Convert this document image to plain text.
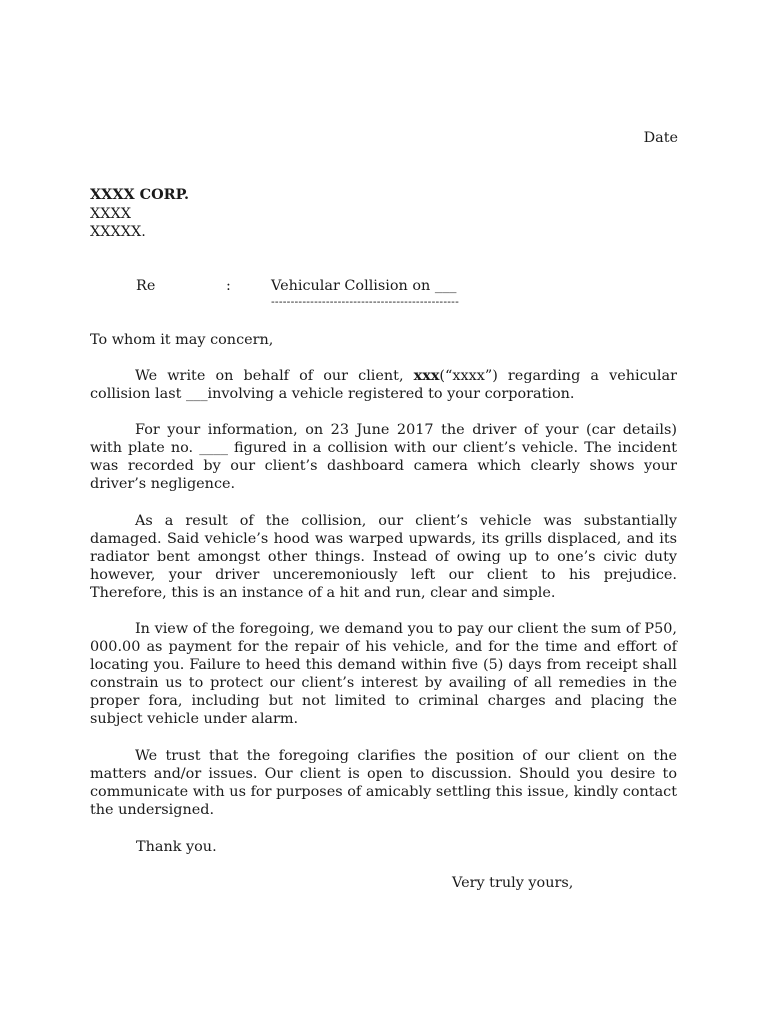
Date
XXXX CORP.
XXXX
XXXXX.
Re	:	Vehicular Collision on ___
------------------------------------------------
To whom it may concern,
We write on behalf of our client, xxx(“xxxx”) regarding a vehicular collision last ___involving a vehicle registered to your corporation.
For your information, on 23 June 2017 the driver of your (car details) with plate no. ____ figured in a collision with our client’s vehicle. The incident was recorded by our client’s dashboard camera which clearly shows your driver’s negligence.
As a result of the collision, our client’s vehicle was substantially damaged. Said vehicle’s hood was warped upwards, its grills displaced, and its radiator bent amongst other things. Instead of owing up to one’s civic duty however, your driver unceremoniously left our client to his prejudice. Therefore, this is an instance of a hit and run, clear and simple.
In view of the foregoing, we demand you to pay our client the sum of P50, 000.00 as payment for the repair of his vehicle, and for the time and effort of locating you. Failure to heed this demand within five (5) days from receipt shall constrain us to protect our client’s interest by availing of all remedies in the proper fora, including but not limited to criminal charges and placing the subject vehicle under alarm.
We trust that the foregoing clarifies the position of our client on the matters and/or issues. Our client is open to discussion. Should you desire to communicate with us for purposes of amicably settling this issue, kindly contact the undersigned.
Thank you.
Very truly yours,
